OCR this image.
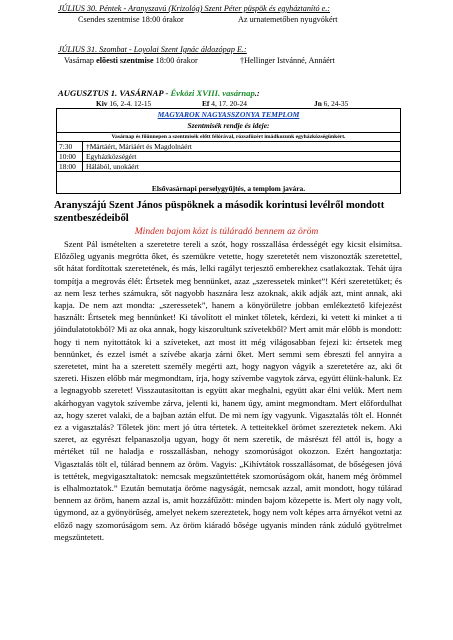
JÚLIUS 30. Péntek - Aranyszavú (Krizológ) Szent Péter püspök és egyháztanító e.:
Csendes szentmise 18:00 órakor	Az urnatemetőben nyugvókért
JÚLIUS 31. Szombat - Loyolai Szent Ignác áldozópap E.:
Vasárnap elõesti szentmise 18:00 órakor	†Hellinger Istvánné, Annáért
AUGUSZTUS 1. VASÁRNAP - Évközi XVIII. vasárnap.:
Kiv 16, 2-4. 12-15	Ef 4, 17. 20-24	Jn 6, 24-35
MAGYAROK NAGYASSZONYA TEMPLOM
Szentmisék rendje és ideje:
Vasárnap és főünnepen a szentmisék előtt félórával, rózsafüzért imádkozunk egyházközségünkért.
7:30	†Mártáért, Máriáért és Magdolnáért
10:00	Egyházközségért
18:00	Hálából, unokáért
Elsővasárnapi perselygyűjtés, a templom javára.
Aranyszájú Szent János püspöknek a második korintusi levélről mondott szentbeszédeiből
Minden bajom közt is túláradó bennem az öröm
Szent Pál ismételten a szeretetre tereli a szót, hogy rosszallása érdességét egy kicsit elsimítsa. Előzőleg ugyanis megrótta őket, és szemükre vetette, hogy szeretetét nem viszonozták szeretettel, sőt hátat fordítottak szeretetének, és más, lelki ragályt terjesztő emberekhez csatlakoztak. Tehát újra tompítja a megrovás élét: Értsetek meg bennünket, azaz „szeressetek minket”! Kéri szeretetüket; és az nem lesz terhes számukra, sőt nagyobb hasznára lesz azoknak, akik adják azt, mint annak, aki kapja. De nem azt mondta: „szeressetek”, hanem a könyörületre jobban emlékeztető kifejezést használt: Értsetek meg bennünket! Ki távolított el minket tőletek, kérdezi, ki vetett ki minket a ti jóindulatotokból? Mi az oka annak, hogy kiszorultunk szívetekből? Mert amit már előbb is mondott: hogy ti nem nyitottátok ki a szíveteket, azt most itt még világosabban fejezi ki: értsetek meg bennünket, és ezzel ismét a szívébe akarja zárni őket. Mert semmi sem ébreszti fel annyira a szeretetet, mint ha a szeretett személy megérti azt, hogy nagyon vágyik a szeretetére az, aki őt szereti. Hiszen előbb már megmondtam, írja, hogy szívembe vagytok zárva, együtt élünk-halunk. Ez a legnagyobb szeretet! Visszautasítottan is együtt akar meghalni, együtt akar élni velük. Mert nem akárhogyan vagytok szívembe zárva, jelenti ki, hanem úgy, amint megmondtam. Mert előfordulhat az, hogy szeret valaki, de a bajban aztán elfut. De mi nem így vagyunk. Vigasztalás tölt el. Honnét ez a vigasztalás? Tőletek jön: mert jó útra tértetek. A tetteitekkel örömet szereztetek nekem. Aki szeret, az egyrészt felpanaszolja ugyan, hogy őt nem szeretik, de másrészt fél attól is, hogy a mértéket túl ne haladja e rosszallásban, nehogy szomorúságot okozzon. Ezért hangoztatja: Vigasztalás tölt el, túlárad bennem az öröm. Vagyis: „Kihívtátok rosszallásomat, de bőségesen jóvá is tettétek, megvigasztaltatok: nemcsak megszüntettétek szomorúságom okát, hanem még örömmel is elhalmoztatok.” Ezután bemutatja öröme nagyságát, nemcsak azzal, amit mondott, hogy túlárad bennem az öröm, hanem azzal is, amit hozzáfűzött: minden bajom közepette is. Mert oly nagy volt, úgymond, az a gyönyörűség, amelyet nekem szereztetek, hogy nem volt képes arra árnyékot vetni az előző nagy szomorúságom sem. Az öröm kiáradó bősége ugyanis minden ránk zúduló gyötrelmet megszüntetett.
